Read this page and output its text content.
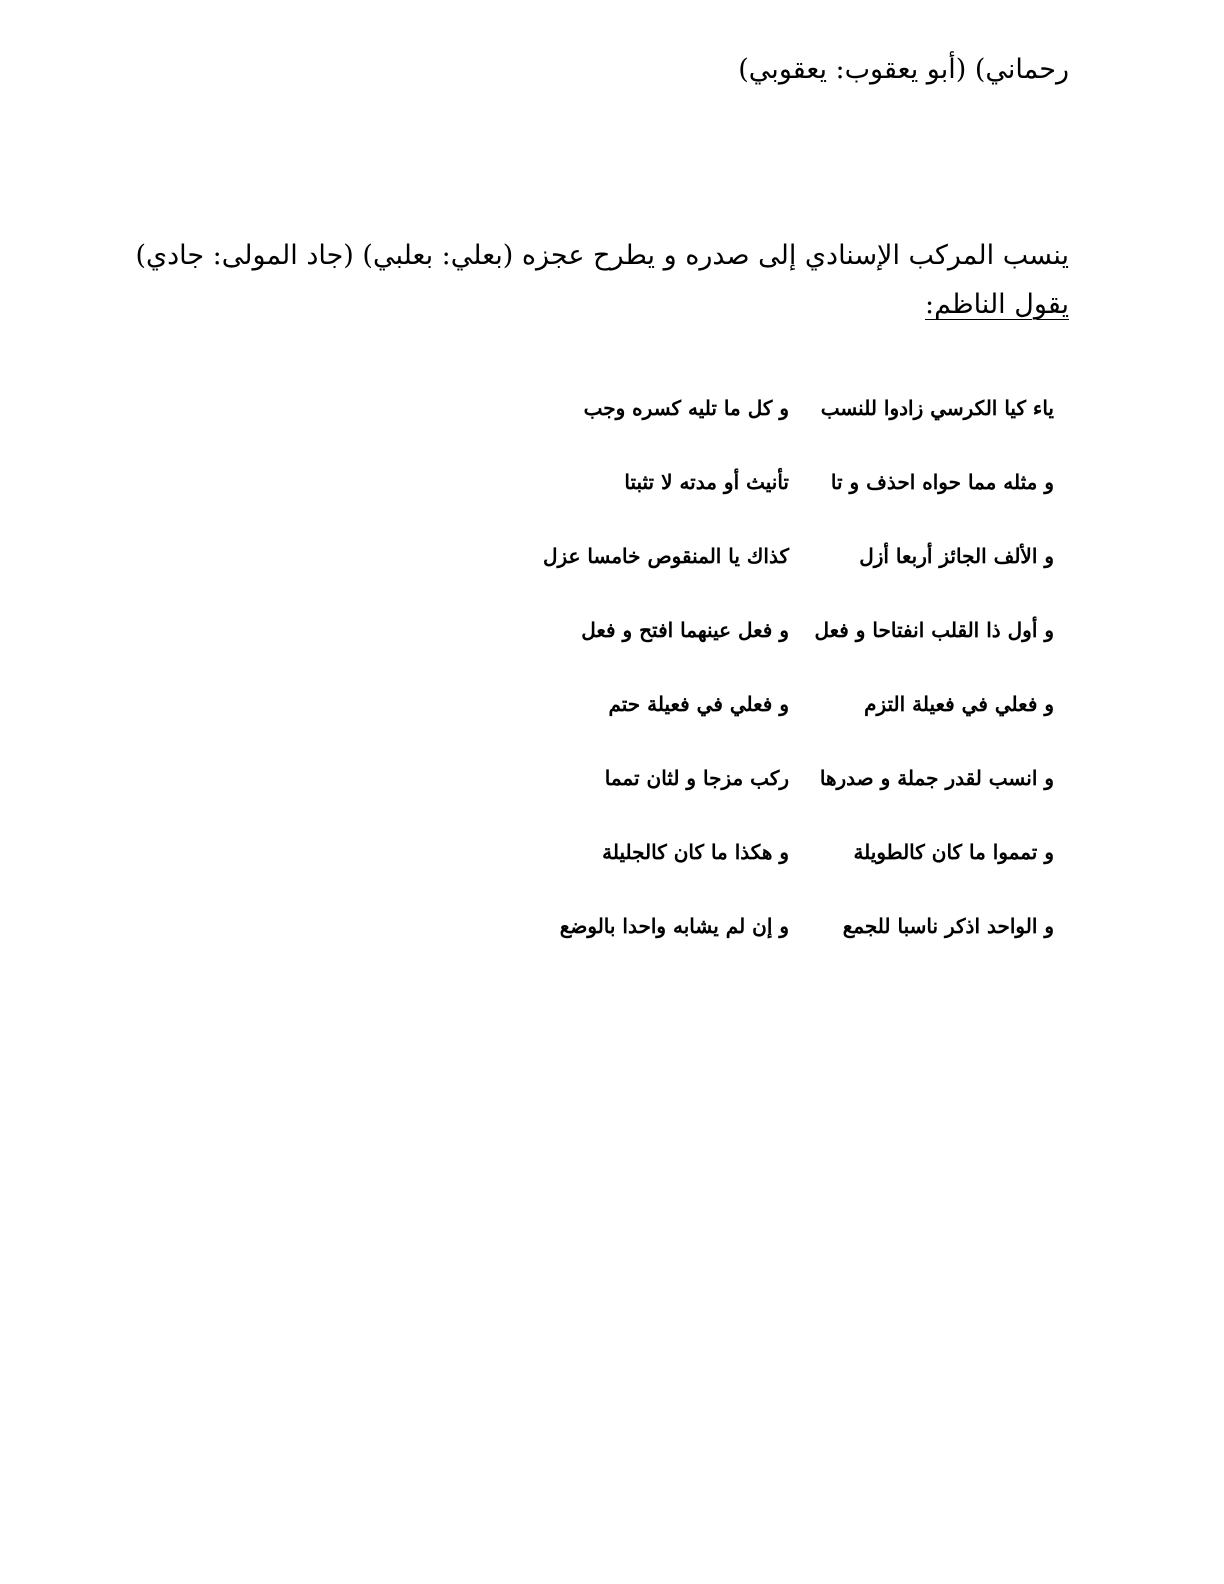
رحماني) (أبو يعقوب: يعقوبي)
ينسب المركب الإسنادي إلى صدره و يطرح عجزه (بعلي: بعلبي) (جاد المولى: جادي)
يقول الناظم:
ياء كيا الكرسي زادوا للنسب
و كل ما تليه كسره وجب
و مثله مما حواه احذف و تا
تأنيث أو مدته لا تثبتا
و الألف الجائز أربعا أزل
كذاك يا المنقوص خامسا عزل
و أول ذا القلب انفتاحا و فعل
و فعل عينهما افتح و فعل
و فعلي في فعيلة التزم
و فعلي في فعيلة حتم
و انسب لقدر جملة و صدرها
ركب مزجا و لثان تمما
و تمموا ما كان كالطويلة
و هكذا ما كان كالجليلة
و الواحد اذكر ناسبا للجمع
و إن لم يشابه واحدا بالوضع
